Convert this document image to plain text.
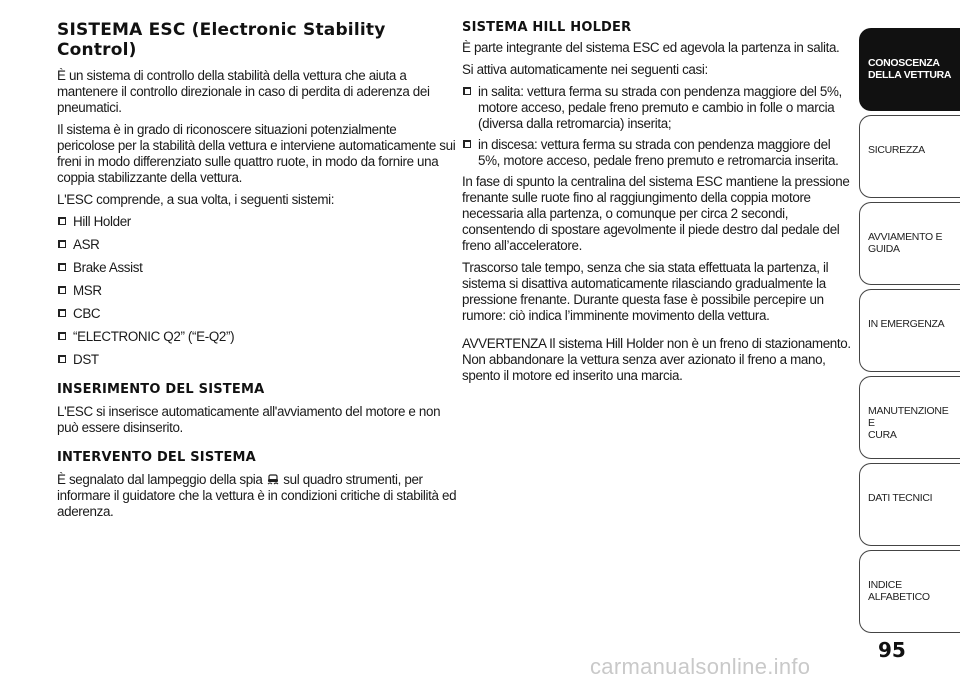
SISTEMA ESC (Electronic Stability Control)

È un sistema di controllo della stabilità della vettura che aiuta a mantenere il controllo direzionale in caso di perdita di aderenza dei pneumatici.

Il sistema è in grado di riconoscere situazioni potenzialmente pericolose per la stabilità della vettura e interviene automaticamente sui freni in modo differenziato sulle quattro ruote, in modo da fornire una coppia stabilizzante della vettura.

L'ESC comprende, a sua volta, i seguenti sistemi:

Hill Holder
ASR
Brake Assist
MSR
CBC
“ELECTRONIC Q2” (“E-Q2”)
DST
INSERIMENTO DEL SISTEMA

L'ESC si inserisce automaticamente all'avviamento del motore e non può essere disinserito.

INTERVENTO DEL SISTEMA

È segnalato dal lampeggio della spia sul quadro strumenti, per informare il guidatore che la vettura è in condizioni critiche di stabilità ed aderenza.

SISTEMA HILL HOLDER

È parte integrante del sistema ESC ed agevola la partenza in salita.

Si attiva automaticamente nei seguenti casi:

in salita: vettura ferma su strada con pendenza maggiore del 5%, motore acceso, pedale freno premuto e cambio in folle o marcia (diversa dalla retromarcia) inserita;
in discesa: vettura ferma su strada con pendenza maggiore del 5%, motore acceso, pedale freno premuto e retromarcia inserita.

In fase di spunto la centralina del sistema ESC mantiene la pressione frenante sulle ruote fino al raggiungimento della coppia motore necessaria alla partenza, o comunque per circa 2 secondi, consentendo di spostare agevolmente il piede destro dal pedale del freno all’acceleratore.

Trascorso tale tempo, senza che sia stata effettuata la partenza, il sistema si disattiva automaticamente rilasciando gradualmente la pressione frenante. Durante questa fase è possibile percepire un rumore: ciò indica l’imminente movimento della vettura.

AVVERTENZA Il sistema Hill Holder non è un freno di stazionamento. Non abbandonare la vettura senza aver azionato il freno a mano, spento il motore ed inserito una marcia.

CONOSCENZA
DELLA VETTURA
SICUREZZA
AVVIAMENTO E
GUIDA
IN EMERGENZA
MANUTENZIONE E
CURA
DATI TECNICI
INDICE ALFABETICO
95
carmanualsonline.info
